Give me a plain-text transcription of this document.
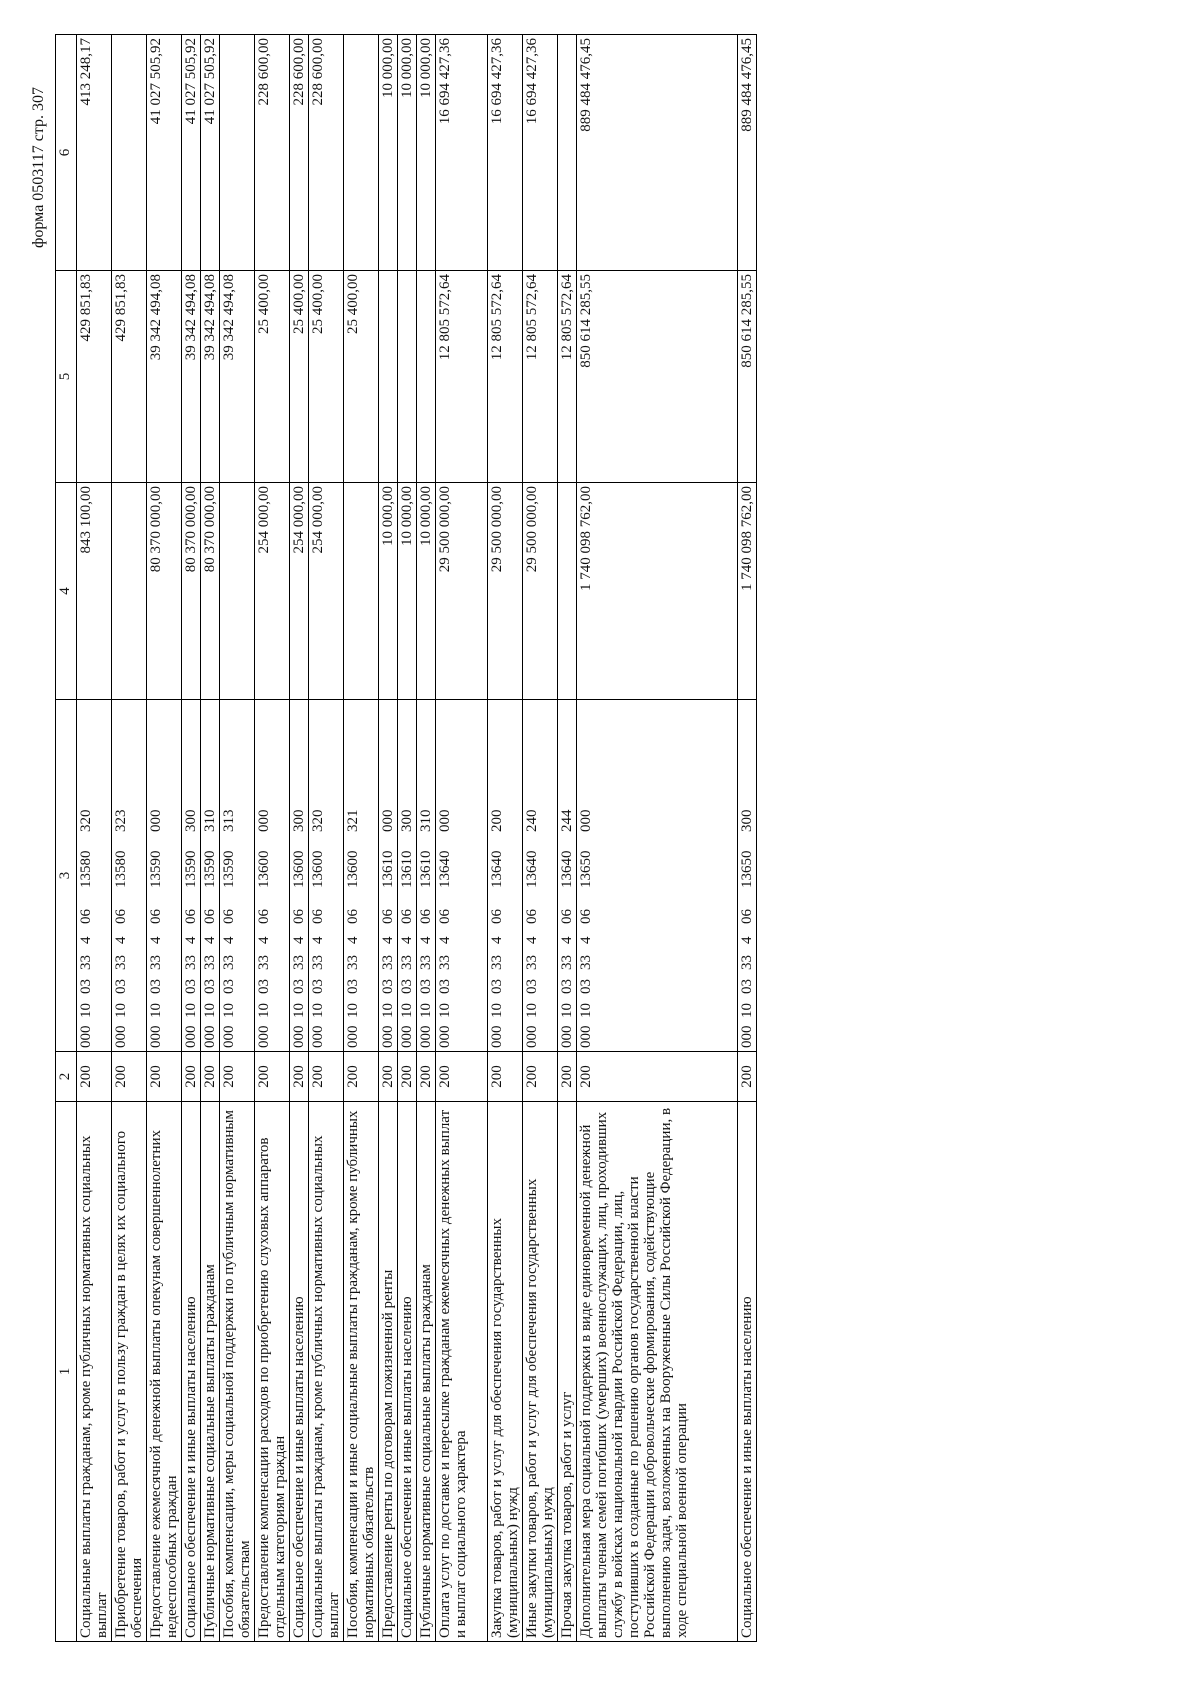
форма 0503117 стр. 307
1	2	3	4	5	6
Социальные выплаты гражданам, кроме публичных нормативных социальных выплат	200	00010033340613580320	843 100,00	429 851,83	413 248,17
Приобретение товаров, работ и услуг в пользу граждан в целях их социального обеспечения	200	00010033340613580323		429 851,83	
Предоставление ежемесячной денежной выплаты опекунам совершеннолетних недееспособных граждан	200	00010033340613590000	80 370 000,00	39 342 494,08	41 027 505,92
Социальное обеспечение и иные выплаты населению	200	00010033340613590300	80 370 000,00	39 342 494,08	41 027 505,92
Публичные нормативные социальные выплаты гражданам	200	00010033340613590310	80 370 000,00	39 342 494,08	41 027 505,92
Пособия, компенсации, меры социальной поддержки по публичным нормативным обязательствам	200	00010033340613590313		39 342 494,08	
Предоставление компенсации расходов по приобретению слуховых аппаратов отдельным категориям граждан	200	00010033340613600000	254 000,00	25 400,00	228 600,00
Социальное обеспечение и иные выплаты населению	200	00010033340613600300	254 000,00	25 400,00	228 600,00
Социальные выплаты гражданам, кроме публичных нормативных социальных выплат	200	00010033340613600320	254 000,00	25 400,00	228 600,00
Пособия, компенсации и иные социальные выплаты гражданам, кроме публичных нормативных обязательств	200	00010033340613600321		25 400,00	
Предоставление ренты по договорам пожизненной ренты	200	00010033340613610000	10 000,00		10 000,00
Социальное обеспечение и иные выплаты населению	200	00010033340613610300	10 000,00		10 000,00
Публичные нормативные социальные выплаты гражданам	200	00010033340613610310	10 000,00		10 000,00
Оплата услуг по доставке и пересылке гражданам ежемесячных денежных выплат и выплат социального характера	200	00010033340613640000	29 500 000,00	12 805 572,64	16 694 427,36
Закупка товаров, работ и услуг для обеспечения государственных (муниципальных) нужд	200	00010033340613640200	29 500 000,00	12 805 572,64	16 694 427,36
Иные закупки товаров, работ и услуг для обеспечения государственных (муниципальных) нужд	200	00010033340613640240	29 500 000,00	12 805 572,64	16 694 427,36
Прочая закупка товаров, работ и услуг	200	00010033340613640244		12 805 572,64	
Дополнительная мера социальной поддержки в виде единовременной денежной выплаты членам семей погибших (умерших) военнослужащих, лиц, проходивших службу в войсках национальной гвардии Российской Федерации, лиц, поступивших в созданные по решению органов государственной власти Российской Федерации добровольческие формирования, содействующие выполнению задач, возложенных на Вооруженные Силы Российской Федерации, в ходе специальной военной операции	200	00010033340613650000	1 740 098 762,00	850 614 285,55	889 484 476,45
Социальное обеспечение и иные выплаты населению	200	00010033340613650300	1 740 098 762,00	850 614 285,55	889 484 476,45
